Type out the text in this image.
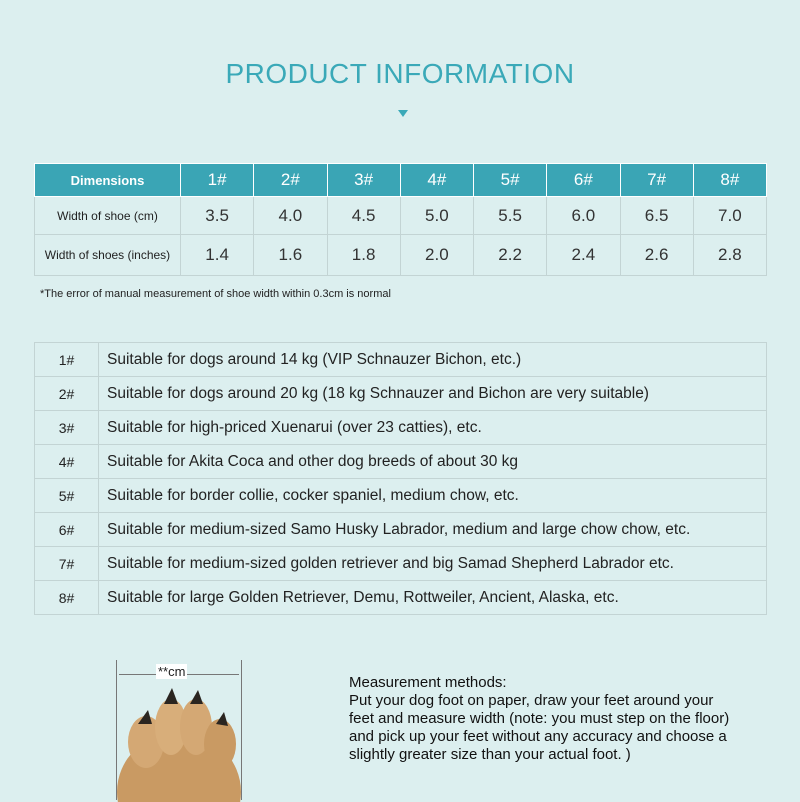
PRODUCT INFORMATION
Dimensions	1#	2#	3#	4#	5#	6#	7#	8#
Width of shoe (cm)	3.5	4.0	4.5	5.0	5.5	6.0	6.5	7.0
Width of shoes (inches)	1.4	1.6	1.8	2.0	2.2	2.4	2.6	2.8
*The error of manual measurement of shoe width within 0.3cm is normal
1#	Suitable for dogs around 14 kg (VIP Schnauzer Bichon, etc.)
2#	Suitable for dogs around 20 kg (18 kg Schnauzer and Bichon are very suitable)
3#	Suitable for high-priced Xuenarui (over 23 catties), etc.
4#	Suitable for Akita Coca and other dog breeds of about 30 kg
5#	Suitable for border collie, cocker spaniel, medium chow, etc.
6#	Suitable for medium-sized Samo Husky Labrador, medium and large chow chow, etc.
7#	Suitable for medium-sized golden retriever and big Samad Shepherd Labrador etc.
8#	Suitable for large Golden Retriever, Demu, Rottweiler, Ancient, Alaska, etc.
**cm
Measurement methods:
Put your dog foot on paper, draw your feet around your
feet and measure width (note: you must step on the floor)
and pick up your feet without any accuracy and choose a
slightly greater size than your actual foot. )
